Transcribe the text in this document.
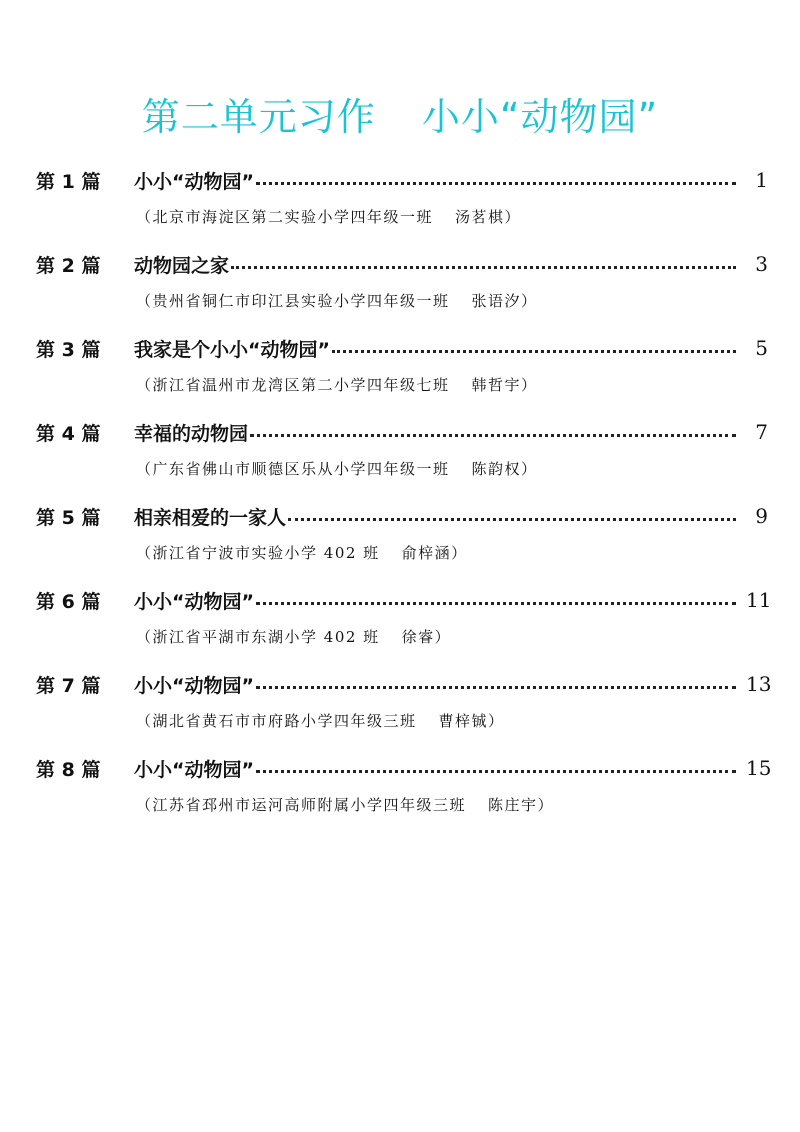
第二单元习作 小小“动物园”
第 1 篇	小小“动物园”	1
（北京市海淀区第二实验小学四年级一班 汤茗棋）
第 2 篇	动物园之家	3
（贵州省铜仁市印江县实验小学四年级一班 张语汐）
第 3 篇	我家是个小小“动物园”	5
（浙江省温州市龙湾区第二小学四年级七班 韩哲宇）
第 4 篇	幸福的动物园	7
（广东省佛山市顺德区乐从小学四年级一班 陈韵权）
第 5 篇	相亲相爱的一家人	9
（浙江省宁波市实验小学 402 班 俞梓涵）
第 6 篇	小小“动物园”	11
（浙江省平湖市东湖小学 402 班 徐睿）
第 7 篇	小小“动物园”	13
（湖北省黄石市市府路小学四年级三班 曹梓铖）
第 8 篇	小小“动物园”	15
（江苏省邳州市运河高师附属小学四年级三班 陈庄宇）
